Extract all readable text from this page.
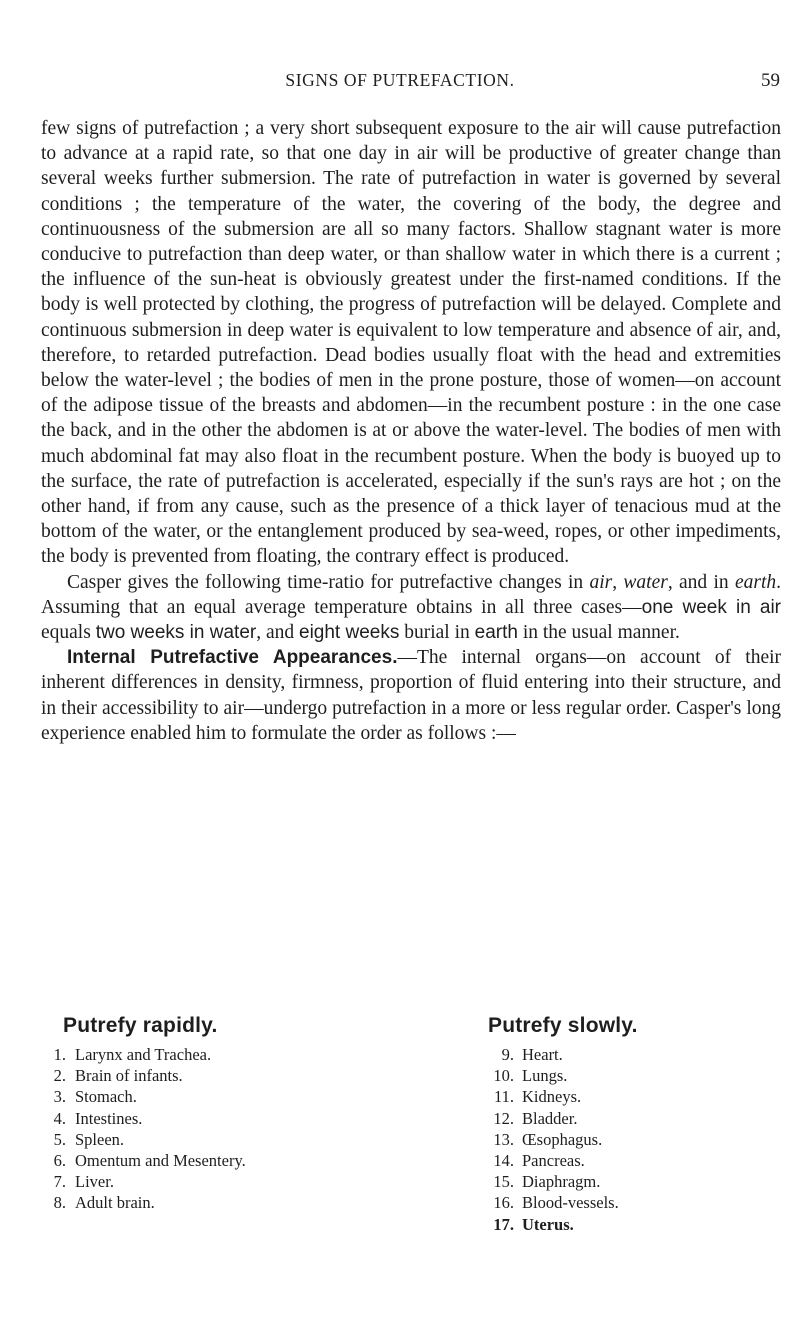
SIGNS OF PUTREFACTION.	59

few signs of putrefaction ; a very short subsequent exposure to the air will cause putrefaction to advance at a rapid rate, so that one day in air will be productive of greater change than several weeks further submersion. The rate of putrefaction in water is governed by several conditions ; the temperature of the water, the covering of the body, the degree and continuousness of the submersion are all so many factors. Shallow stagnant water is more conducive to putrefaction than deep water, or than shallow water in which there is a current ; the influence of the sun-heat is obviously greatest under the first-named conditions. If the body is well protected by clothing, the progress of putrefaction will be delayed. Complete and continuous submersion in deep water is equivalent to low temperature and absence of air, and, therefore, to retarded putrefaction. Dead bodies usually float with the head and extremities below the water-level ; the bodies of men in the prone posture, those of women—on account of the adipose tissue of the breasts and abdomen—in the recumbent posture : in the one case the back, and in the other the abdomen is at or above the water-level. The bodies of men with much abdominal fat may also float in the recumbent posture. When the body is buoyed up to the surface, the rate of putrefaction is accelerated, especially if the sun's rays are hot ; on the other hand, if from any cause, such as the presence of a thick layer of tenacious mud at the bottom of the water, or the entanglement produced by sea-weed, ropes, or other impediments, the body is prevented from floating, the contrary effect is produced.

Casper gives the following time-ratio for putrefactive changes in air, water, and in earth. Assuming that an equal average temperature obtains in all three cases—one week in air equals two weeks in water, and eight weeks burial in earth in the usual manner.

Internal Putrefactive Appearances.—The internal organs—on account of their inherent differences in density, firmness, proportion of fluid entering into their structure, and in their accessibility to air—undergo putrefaction in a more or less regular order. Casper's long experience enabled him to formulate the order as follows :—

Putrefy rapidly.
1. Larynx and Trachea.
2. Brain of infants.
3. Stomach.
4. Intestines.
5. Spleen.
6. Omentum and Mesentery.
7. Liver.
8. Adult brain.
Putrefy slowly.
9. Heart.
10. Lungs.
11. Kidneys.
12. Bladder.
13. Œsophagus.
14. Pancreas.
15. Diaphragm.
16. Blood-vessels.
17. Uterus.
